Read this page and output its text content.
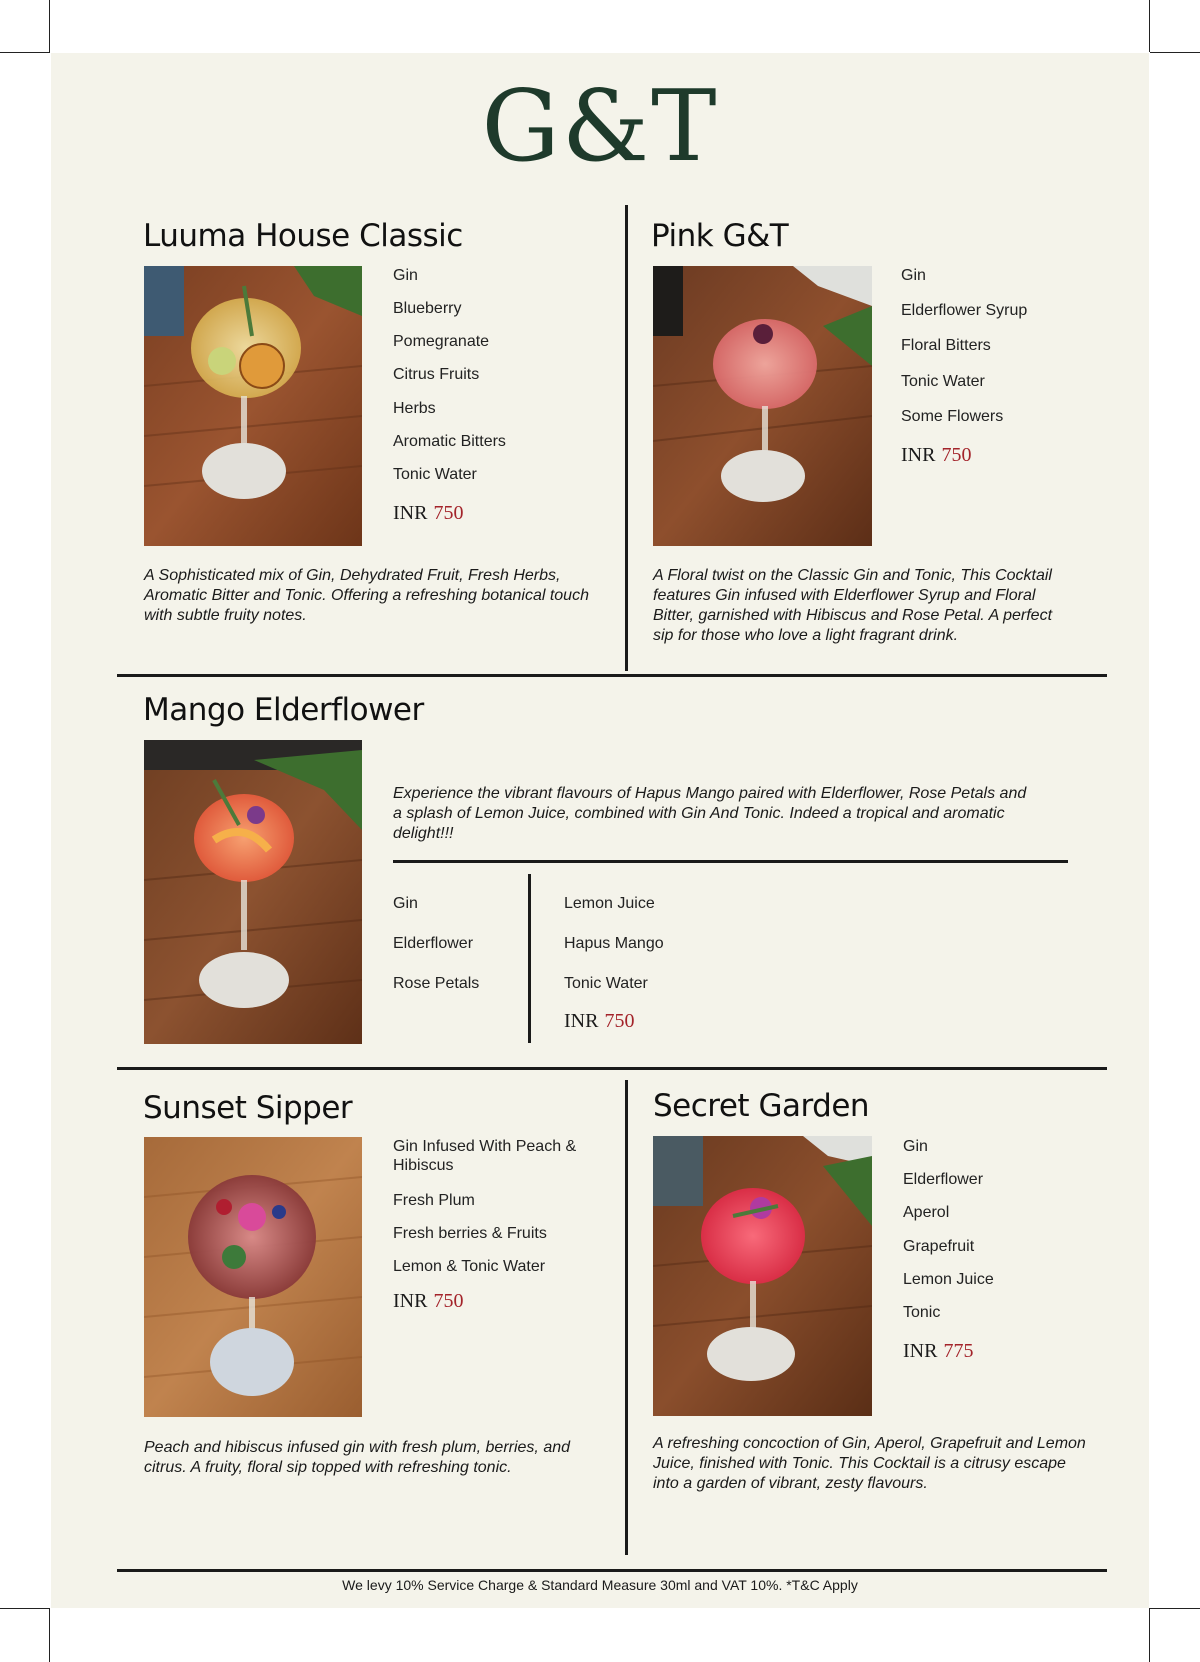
G&T
Luuma House Classic
Gin
Blueberry
Pomegranate
Citrus Fruits
Herbs
Aromatic Bitters
Tonic Water
INR 750
A Sophisticated mix of Gin, Dehydrated Fruit, Fresh Herbs, Aromatic Bitter and Tonic. Offering a refreshing botanical touch with subtle fruity notes.
Pink G&T
Gin
Elderflower Syrup
Floral Bitters
Tonic Water
Some Flowers
INR 750
A Floral twist on the Classic Gin and Tonic, This Cocktail features Gin infused with Elderflower Syrup and Floral Bitter, garnished with Hibiscus and Rose Petal. A perfect sip for those who love a light fragrant drink.
Mango Elderflower
Experience the vibrant flavours of Hapus Mango paired with Elderflower, Rose Petals and a splash of Lemon Juice, combined with Gin And Tonic. Indeed a tropical and aromatic delight!!!
Gin
Elderflower
Rose Petals
Lemon Juice
Hapus Mango
Tonic Water
INR 750
Sunset Sipper
Gin Infused With Peach & Hibiscus
Fresh Plum
Fresh berries & Fruits
Lemon & Tonic Water
INR 750
Peach and hibiscus infused gin with fresh plum, berries, and citrus. A fruity, floral sip topped with refreshing tonic.
Secret Garden
Gin
Elderflower
Aperol
Grapefruit
Lemon Juice
Tonic
INR 775
A refreshing concoction of Gin, Aperol, Grapefruit and Lemon Juice, finished with Tonic. This Cocktail is a citrusy escape into a garden of vibrant, zesty flavours.
We levy 10% Service Charge & Standard Measure 30ml and VAT 10%. *T&C Apply
